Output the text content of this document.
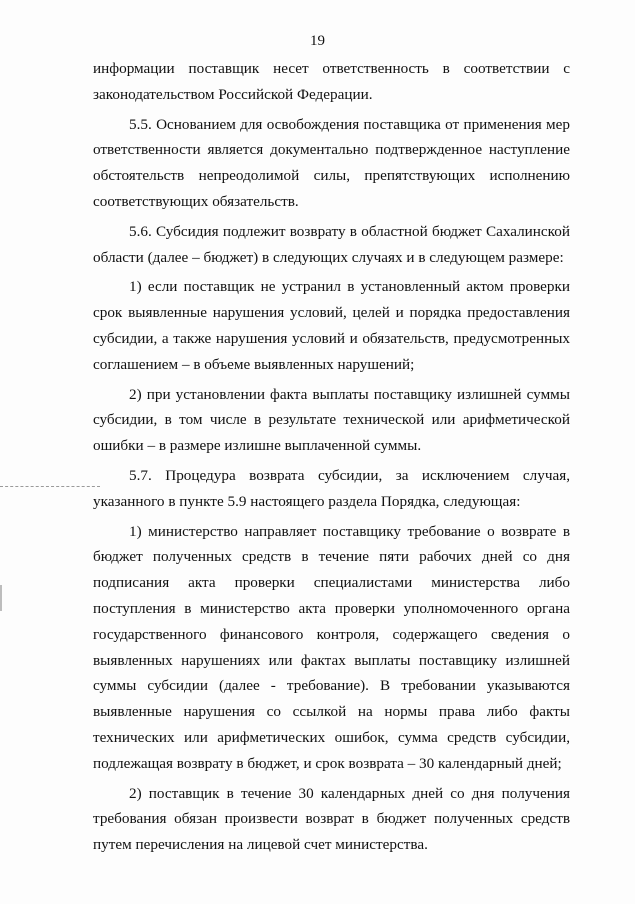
19

информации поставщик несет ответственность в соответствии с законодательством Российской Федерации.

5.5. Основанием для освобождения поставщика от применения мер ответственности является документально подтвержденное наступление обстоятельств непреодолимой силы, препятствующих исполнению соответствующих обязательств.

5.6. Субсидия подлежит возврату в областной бюджет Сахалинской области (далее – бюджет) в следующих случаях и в следующем размере:

1) если поставщик не устранил в установленный актом проверки срок выявленные нарушения условий, целей и порядка предоставления субсидии, а также нарушения условий и обязательств, предусмотренных соглашением – в объеме выявленных нарушений;

2) при установлении факта выплаты поставщику излишней суммы субсидии, в том числе в результате технической или арифметической ошибки – в размере излишне выплаченной суммы.

5.7. Процедура возврата субсидии, за исключением случая, указанного в пункте 5.9 настоящего раздела Порядка, следующая:

1) министерство направляет поставщику требование о возврате в бюджет полученных средств в течение пяти рабочих дней со дня подписания акта проверки специалистами министерства либо поступления в министерство акта проверки уполномоченного органа государственного финансового контроля, содержащего сведения о выявленных нарушениях или фактах выплаты поставщику излишней суммы субсидии (далее - требование). В требовании указываются выявленные нарушения со ссылкой на нормы права либо факты технических или арифметических ошибок, сумма средств субсидии, подлежащая возврату в бюджет, и срок возврата – 30 календарный дней;

2) поставщик в течение 30 календарных дней со дня получения требования обязан произвести возврат в бюджет полученных средств путем перечисления на лицевой счет министерства.
